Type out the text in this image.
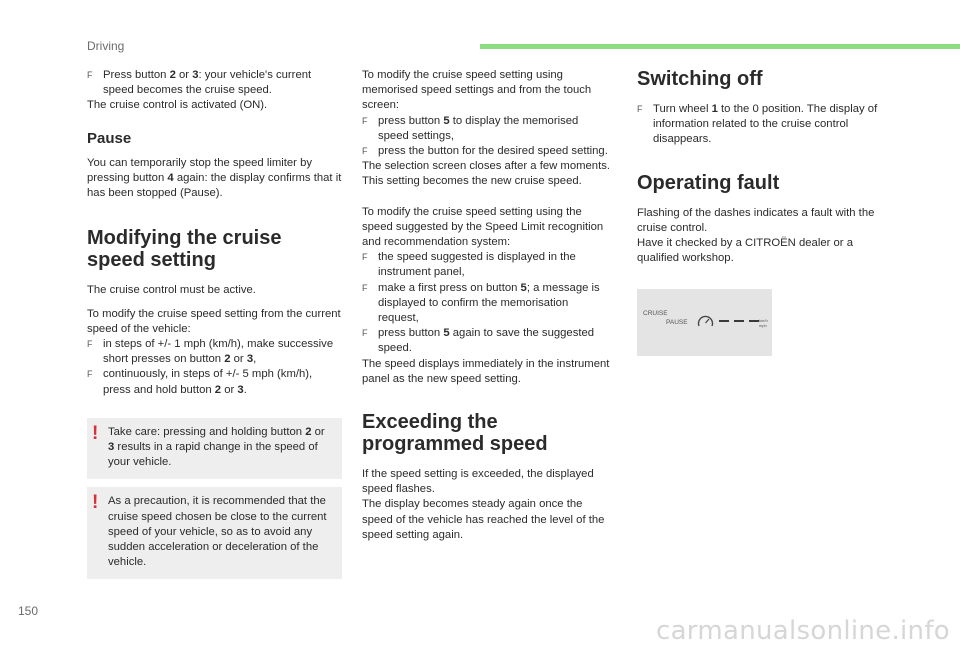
Driving

F Press button 2 or 3: your vehicle's current speed becomes the cruise speed.

The cruise control is activated (ON).

Pause

You can temporarily stop the speed limiter by pressing button 4 again: the display confirms that it has been stopped (Pause).

Modifying the cruise speed setting

The cruise control must be active.

To modify the cruise speed setting from the current speed of the vehicle:

F in steps of +/- 1 mph (km/h), make successive short presses on button 2 or 3,

F continuously, in steps of +/- 5 mph (km/h), press and hold button 2 or 3.

! Take care: pressing and holding button 2 or 3 results in a rapid change in the speed of your vehicle.

! As a precaution, it is recommended that the cruise speed chosen be close to the current speed of your vehicle, so as to avoid any sudden acceleration or deceleration of the vehicle.

To modify the cruise speed setting using memorised speed settings and from the touch screen:

F press button 5 to display the memorised speed settings,

F press the button for the desired speed setting.

The selection screen closes after a few moments.

This setting becomes the new cruise speed.

To modify the cruise speed setting using the speed suggested by the Speed Limit recognition and recommendation system:

F the speed suggested is displayed in the instrument panel,

F make a first press on button 5; a message is displayed to confirm the memorisation request,

F press button 5 again to save the suggested speed.

The speed displays immediately in the instrument panel as the new speed setting.

Exceeding the programmed speed

If the speed setting is exceeded, the displayed speed flashes.

The display becomes steady again once the speed of the vehicle has reached the level of the speed setting again.

Switching off

F Turn wheel 1 to the 0 position. The display of information related to the cruise control disappears.

Operating fault

Flashing of the dashes indicates a fault with the cruise control.

Have it checked by a CITROËN dealer or a qualified workshop.

CRUISE
PAUSE	km/h
mph
150
carmanualsonline.info
